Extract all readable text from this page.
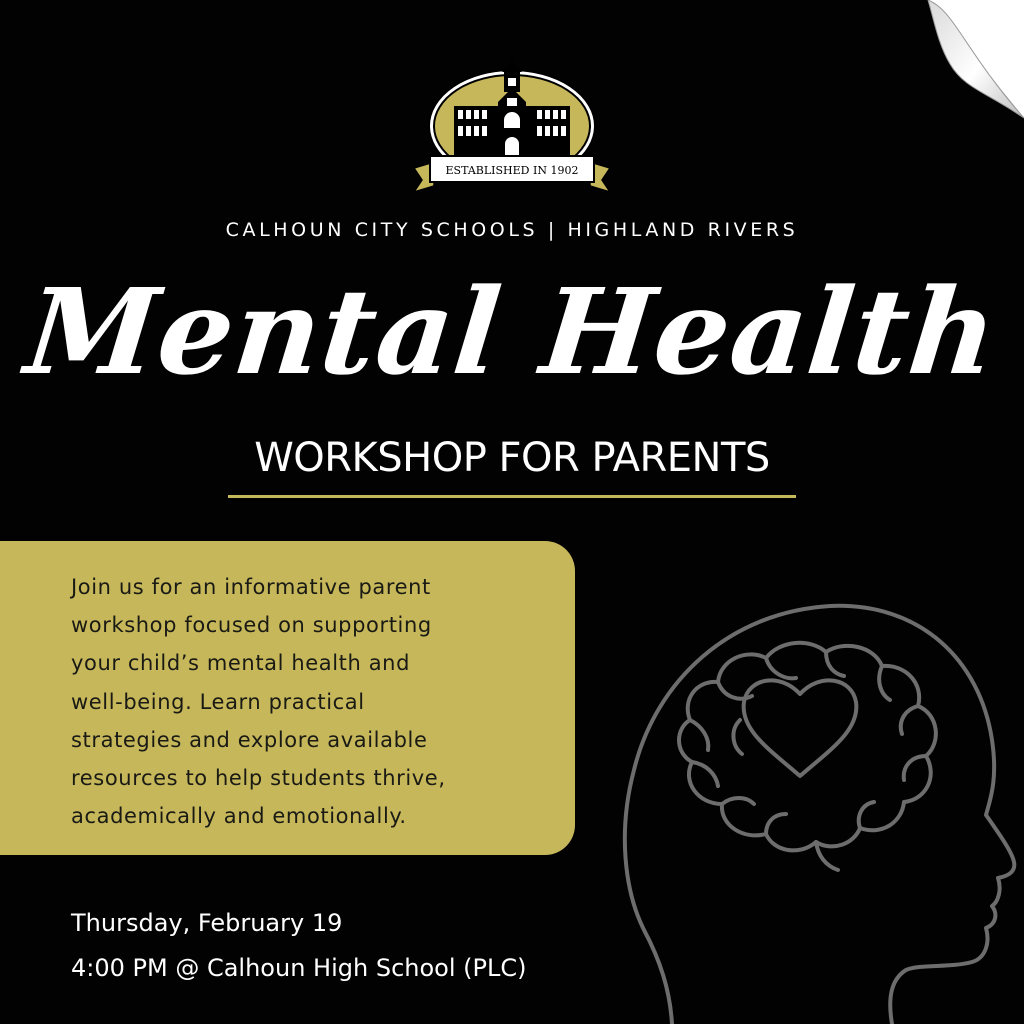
ESTABLISHED IN 1902
CALHOUN CITY SCHOOLS | HIGHLAND RIVERS
Mental Health
WORKSHOP FOR PARENTS
Join us for an informative parent
workshop focused on supporting
your child’s mental health and
well-being. Learn practical
strategies and explore available
resources to help students thrive,
academically and emotionally.
Thursday, February 19
4:00 PM @ Calhoun High School (PLC)
